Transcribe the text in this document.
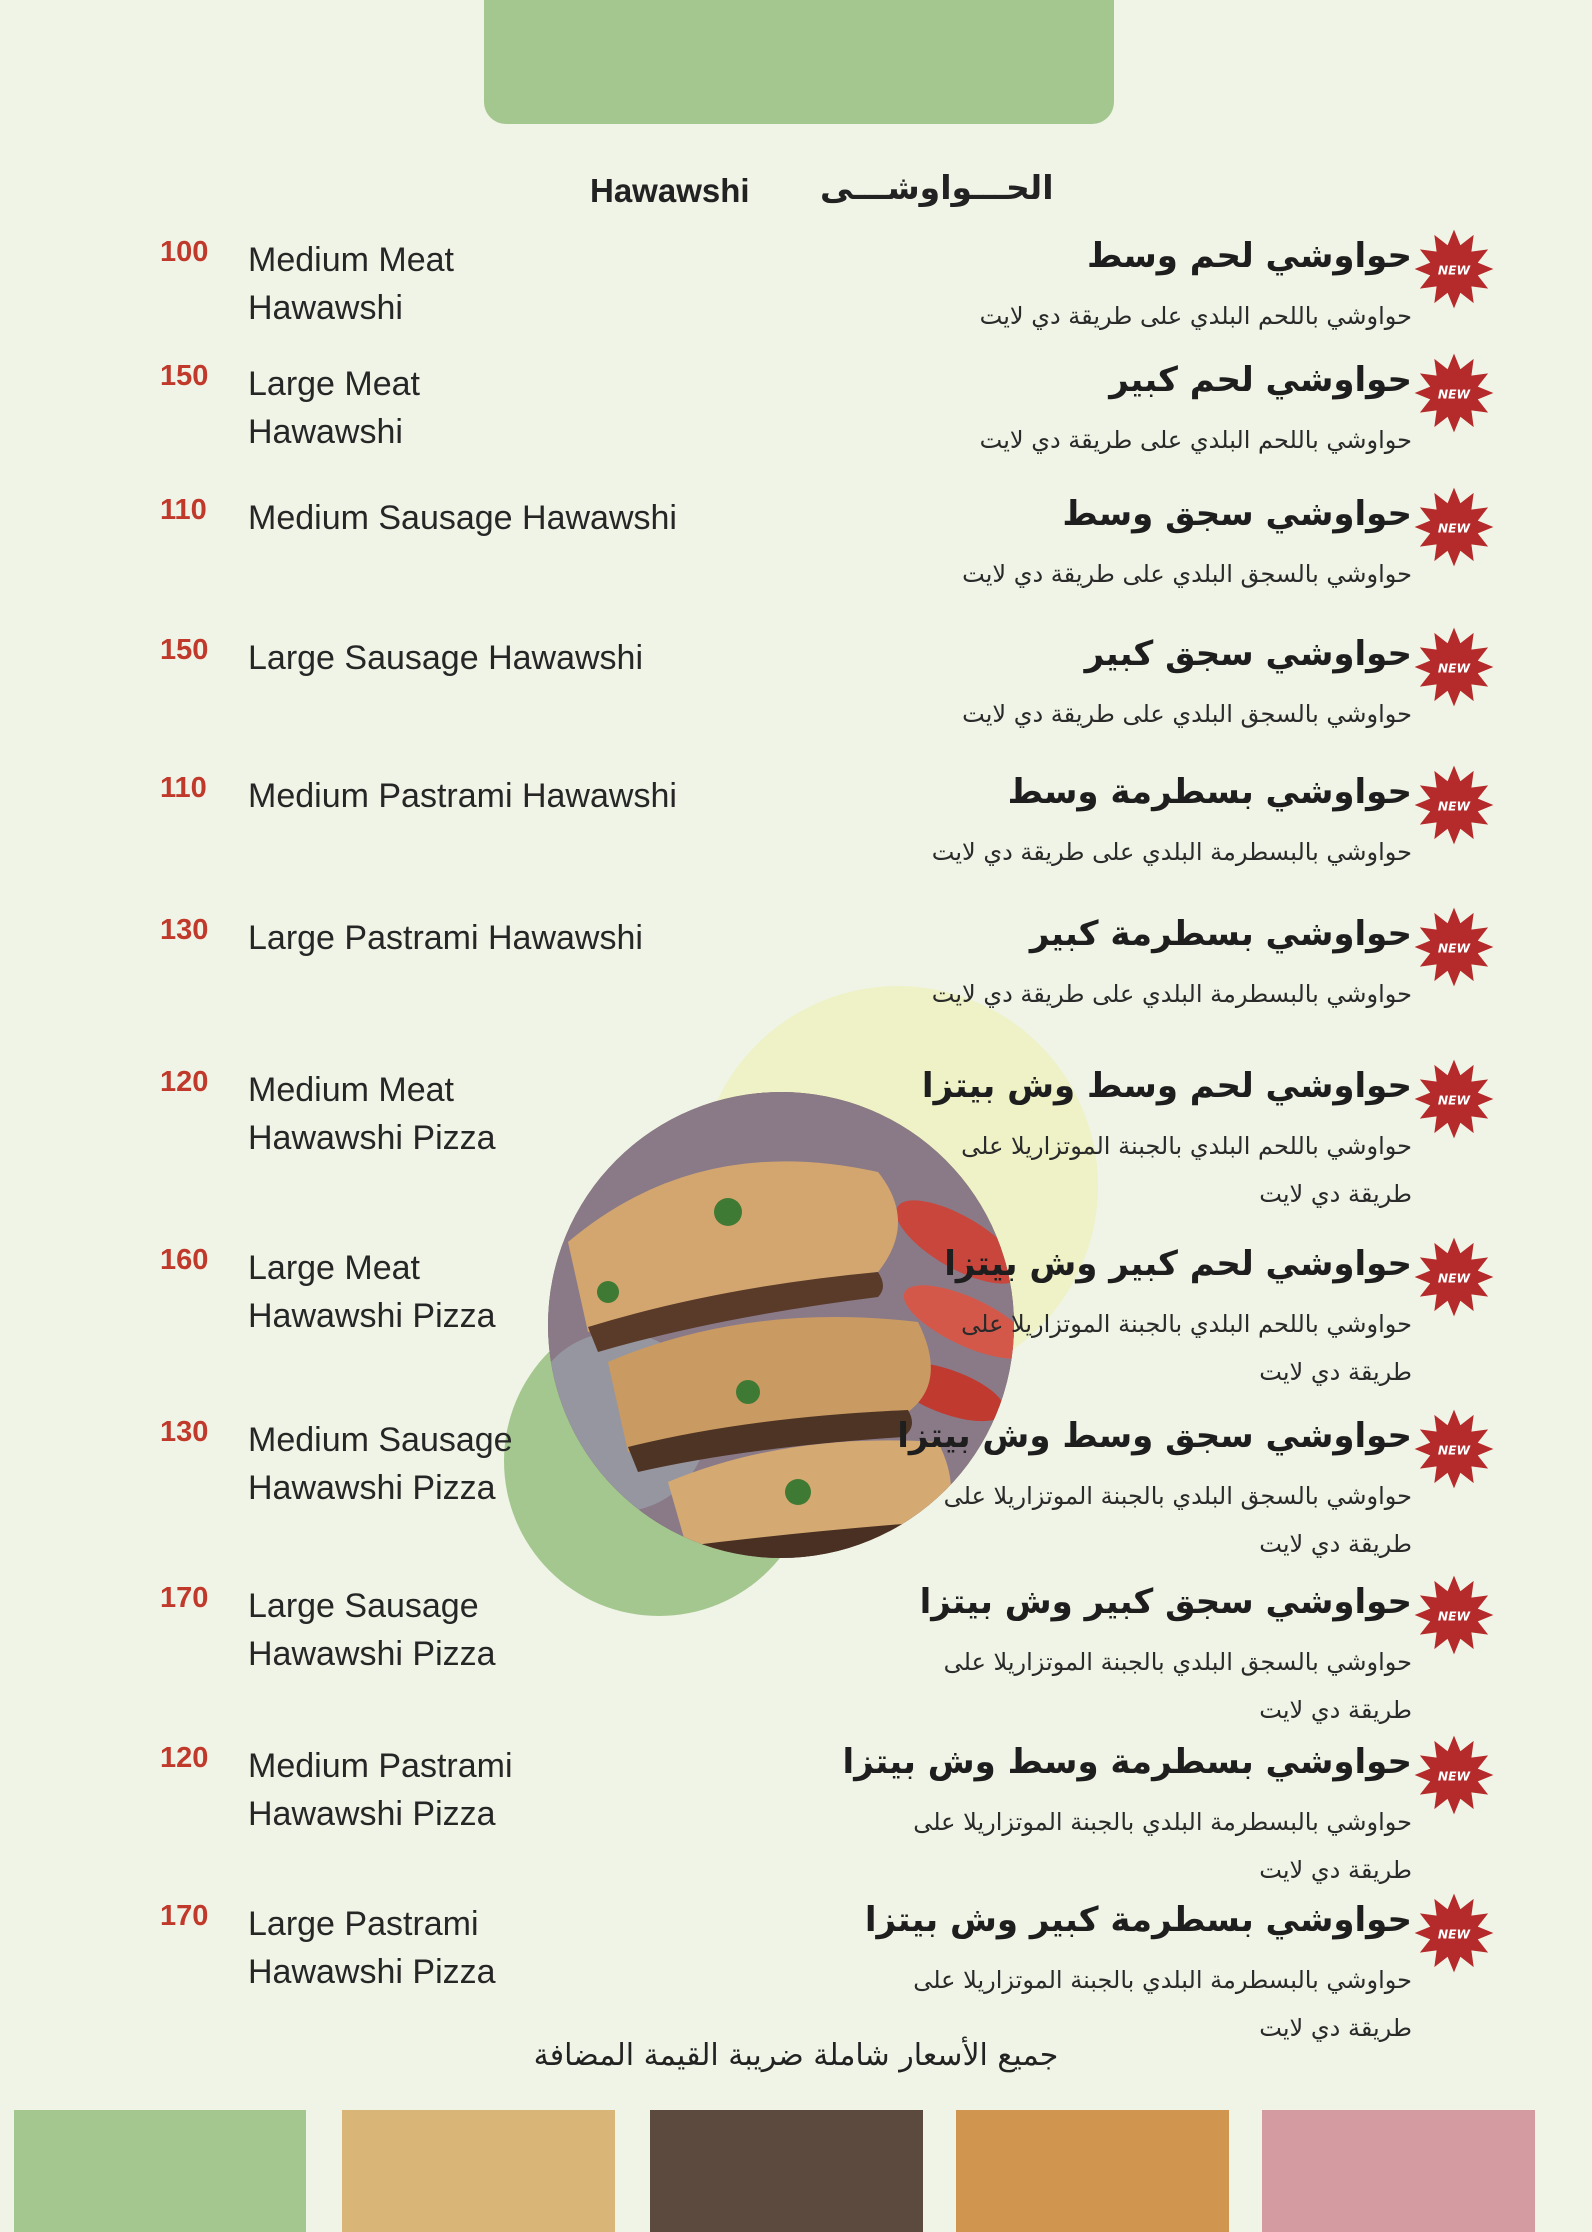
Hawawshi الحـــواوشـــى
100 Medium Meat Hawawshi
حواوشي لحم وسط
حواوشي باللحم البلدي على طريقة دي لايت
NEW
150 Large Meat Hawawshi
حواوشي لحم كبير
حواوشي باللحم البلدي على طريقة دي لايت
NEW
110 Medium Sausage Hawawshi	حواوشي سجق وسط
حواوشي بالسجق البلدي على طريقة دي لايت
NEW
150 Large Sausage Hawawshi	حواوشي سجق كبير
حواوشي بالسجق البلدي على طريقة دي لايت
NEW
110 Medium Pastrami Hawawshi	حواوشي بسطرمة وسط
حواوشي بالبسطرمة البلدي على طريقة دي لايت
NEW
130 Large Pastrami Hawawshi	حواوشي بسطرمة كبير
حواوشي بالبسطرمة البلدي على طريقة دي لايت
NEW
120 Medium Meat Hawawshi Pizza
حواوشي لحم وسط وش بيتزا
حواوشي باللحم البلدي بالجبنة الموتزاريلا على طريقة دي لايت
NEW
160 Large Meat Hawawshi Pizza
حواوشي لحم كبير وش بيتزا
حواوشي باللحم البلدي بالجبنة الموتزاريلا على طريقة دي لايت
NEW
130 Medium Sausage Hawawshi Pizza
حواوشي سجق وسط وش بيتزا
حواوشي بالسجق البلدي بالجبنة الموتزاريلا على طريقة دي لايت
NEW
170 Large Sausage Hawawshi Pizza
حواوشي سجق كبير وش بيتزا
حواوشي بالسجق البلدي بالجبنة الموتزاريلا على طريقة دي لايت
NEW
120 Medium Pastrami Hawawshi Pizza
حواوشي بسطرمة وسط وش بيتزا
حواوشي بالبسطرمة البلدي بالجبنة الموتزاريلا على طريقة دي لايت
NEW
170 Large Pastrami Hawawshi Pizza
حواوشي بسطرمة كبير وش بيتزا
حواوشي بالبسطرمة البلدي بالجبنة الموتزاريلا على طريقة دي لايت
NEW
جميع الأسعار شاملة ضريبة القيمة المضافة
